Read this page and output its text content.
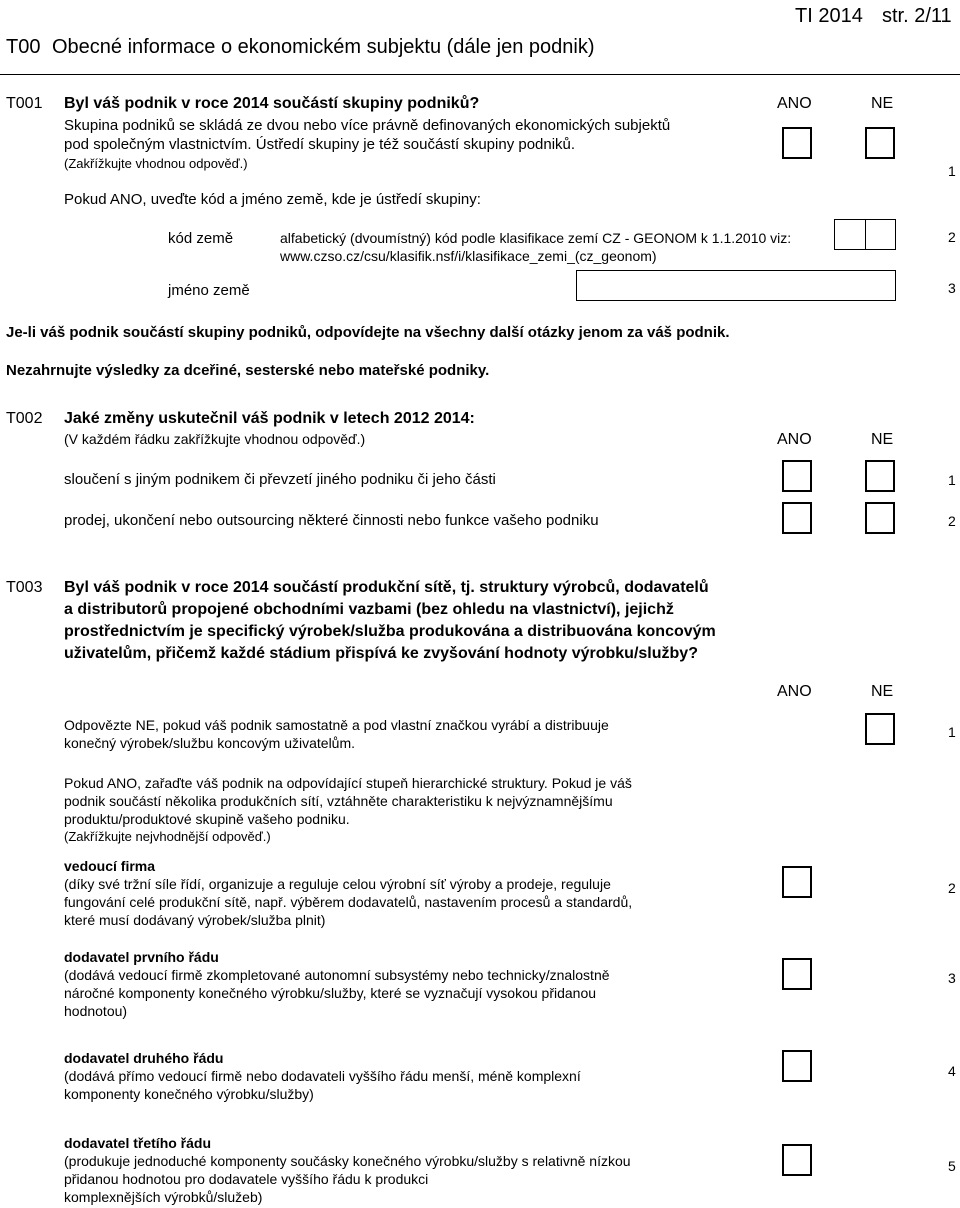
T00 Obecné informace o ekonomickém subjektu (dále jen podnik)
TI 2014 str. 2/11
T001 Byl váš podnik v roce 2014 součástí skupiny podniků?
Skupina podniků se skládá ze dvou nebo více právně definovaných ekonomických subjektů
pod společným vlastnictvím. Ústředí skupiny je též součástí skupiny podniků.
(Zakřížkujte vhodnou odpověď.)
ANO	NE
1
Pokud ANO, uveďte kód a jméno země, kde je ústředí skupiny:
kód země	alfabetický (dvoumístný) kód podle klasifikace zemí CZ - GEONOM k 1.1.2010 viz:
www.czso.cz/csu/klasifik.nsf/i/klasifikace_zemi_(cz_geonom)
2
jméno země	3
Je-li váš podnik součástí skupiny podniků, odpovídejte na všechny další otázky jenom za váš podnik.
Nezahrnujte výsledky za dceřiné, sesterské nebo mateřské podniky.
T002 Jaké změny uskutečnil váš podnik v letech 2012 2014:
(V každém řádku zakřížkujte vhodnou odpověď.)	ANO	NE
sloučení s jiným podnikem či převzetí jiného podniku či jeho části	1
prodej, ukončení nebo outsourcing některé činnosti nebo funkce vašeho podniku	2
T003 Byl váš podnik v roce 2014 součástí produkční sítě, tj. struktury výrobců, dodavatelů
a distributorů propojené obchodními vazbami (bez ohledu na vlastnictví), jejichž
prostřednictvím je specifický výrobek/služba produkována a distribuována koncovým
uživatelům, přičemž každé stádium přispívá ke zvyšování hodnoty výrobku/služby?
ANO	NE
Odpovězte NE, pokud váš podnik samostatně a pod vlastní značkou vyrábí a distribuuje
konečný výrobek/službu koncovým uživatelům.
1
Pokud ANO, zařaďte váš podnik na odpovídající stupeň hierarchické struktury. Pokud je váš
podnik součástí několika produkčních sítí, vztáhněte charakteristiku k nejvýznamnějšímu
produktu/produktové skupině vašeho podniku.
(Zakřížkujte nejvhodnější odpověď.)
vedoucí firma
(díky své tržní síle řídí, organizuje a reguluje celou výrobní síť výroby a prodeje, reguluje
fungování celé produkční sítě, např. výběrem dodavatelů, nastavením procesů a standardů,
které musí dodávaný výrobek/služba plnit)
2
dodavatel prvního řádu
(dodává vedoucí firmě zkompletované autonomní subsystémy nebo technicky/znalostně
náročné komponenty konečného výrobku/služby, které se vyznačují vysokou přidanou
hodnotou)
3
dodavatel druhého řádu
(dodává přímo vedoucí firmě nebo dodavateli vyššího řádu menší, méně komplexní
komponenty konečného výrobku/služby)
4
dodavatel třetího řádu
(produkuje jednoduché komponenty součásky konečného výrobku/služby s relativně nízkou
přidanou hodnotou pro dodavatele vyššího řádu k produkci
komplexnějších výrobků/služeb)
5
